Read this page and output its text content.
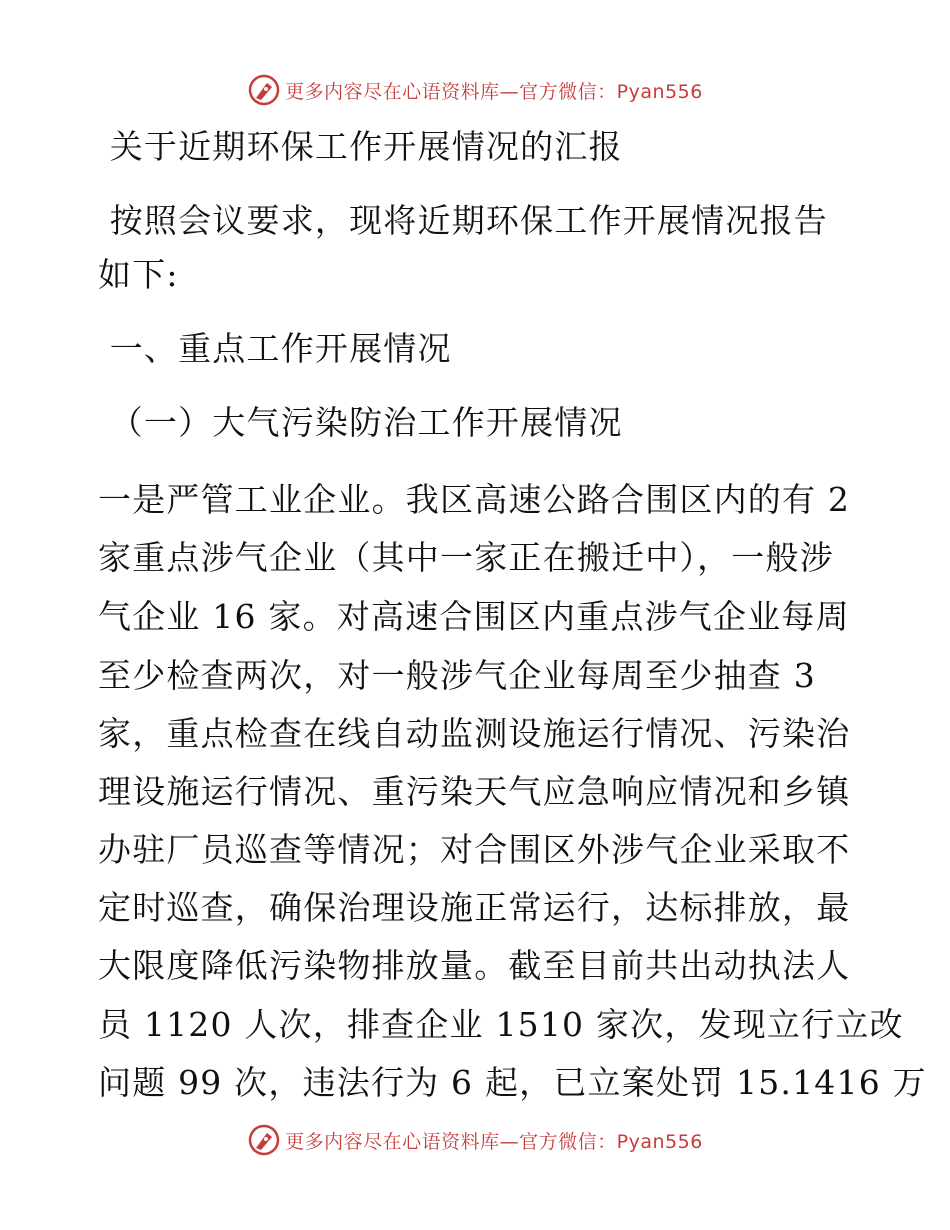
更多内容尽在心语资料库—官方微信：Pyan556

关于近期环保工作开展情况的汇报

按照会议要求，现将近期环保工作开展情况报告

如下:

一、重点工作开展情况

（一）大气污染防治工作开展情况

一是严管工业企业。我区高速公路合围区内的有 2

家重点涉气企业（其中一家正在搬迁中），一般涉

气企业 16 家。对高速合围区内重点涉气企业每周

至少检查两次，对一般涉气企业每周至少抽查 3

家，重点检查在线自动监测设施运行情况、污染治

理设施运行情况、重污染天气应急响应情况和乡镇

办驻厂员巡查等情况；对合围区外涉气企业采取不

定时巡查，确保治理设施正常运行，达标排放，最

大限度降低污染物排放量。截至目前共出动执法人

员 1120 人次，排查企业 1510 家次，发现立行立改

问题 99 次，违法行为 6 起，已立案处罚 15.1416 万

更多内容尽在心语资料库—官方微信：Pyan556
